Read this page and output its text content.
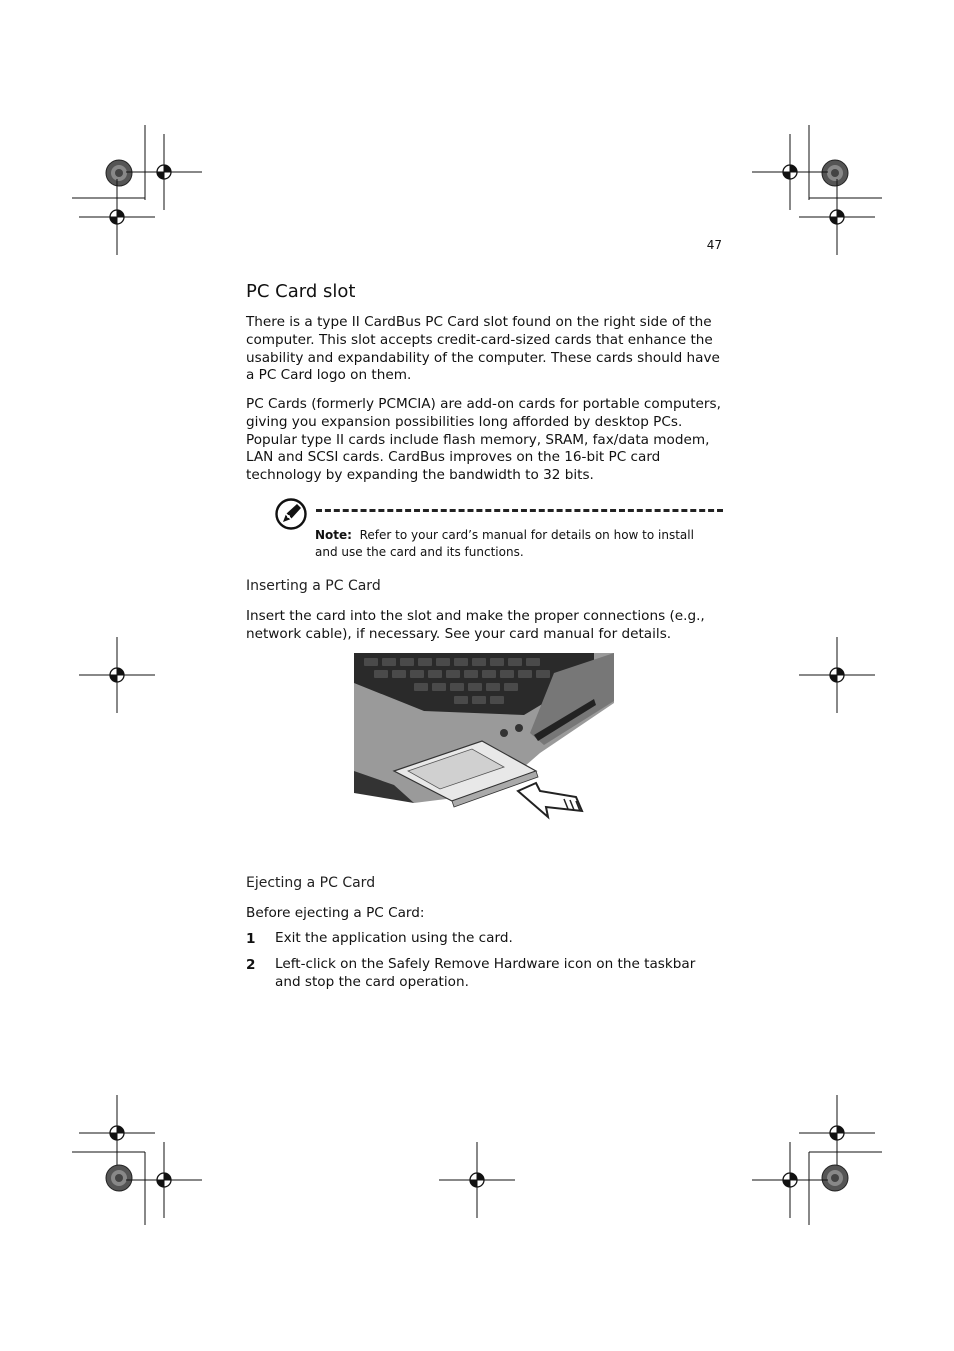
47
PC Card slot

There is a type II CardBus PC Card slot found on the right side of the computer. This slot accepts credit-card-sized cards that enhance the usability and expandability of the computer. These cards should have a PC Card logo on them.

PC Cards (formerly PCMCIA) are add-on cards for portable computers, giving you expansion possibilities long afforded by desktop PCs. Popular type II cards include flash memory, SRAM, fax/data modem, LAN and SCSI cards. CardBus improves on the 16-bit PC card technology by expanding the bandwidth to 32 bits.

Note: Refer to your card’s manual for details on how to install and use the card and its functions.
Inserting a PC Card

Insert the card into the slot and make the proper connections (e.g., network cable), if necessary. See your card manual for details.

Ejecting a PC Card

Before ejecting a PC Card:

1 Exit the application using the card.
2 Left-click on the Safely Remove Hardware icon on the taskbar and stop the card operation.
